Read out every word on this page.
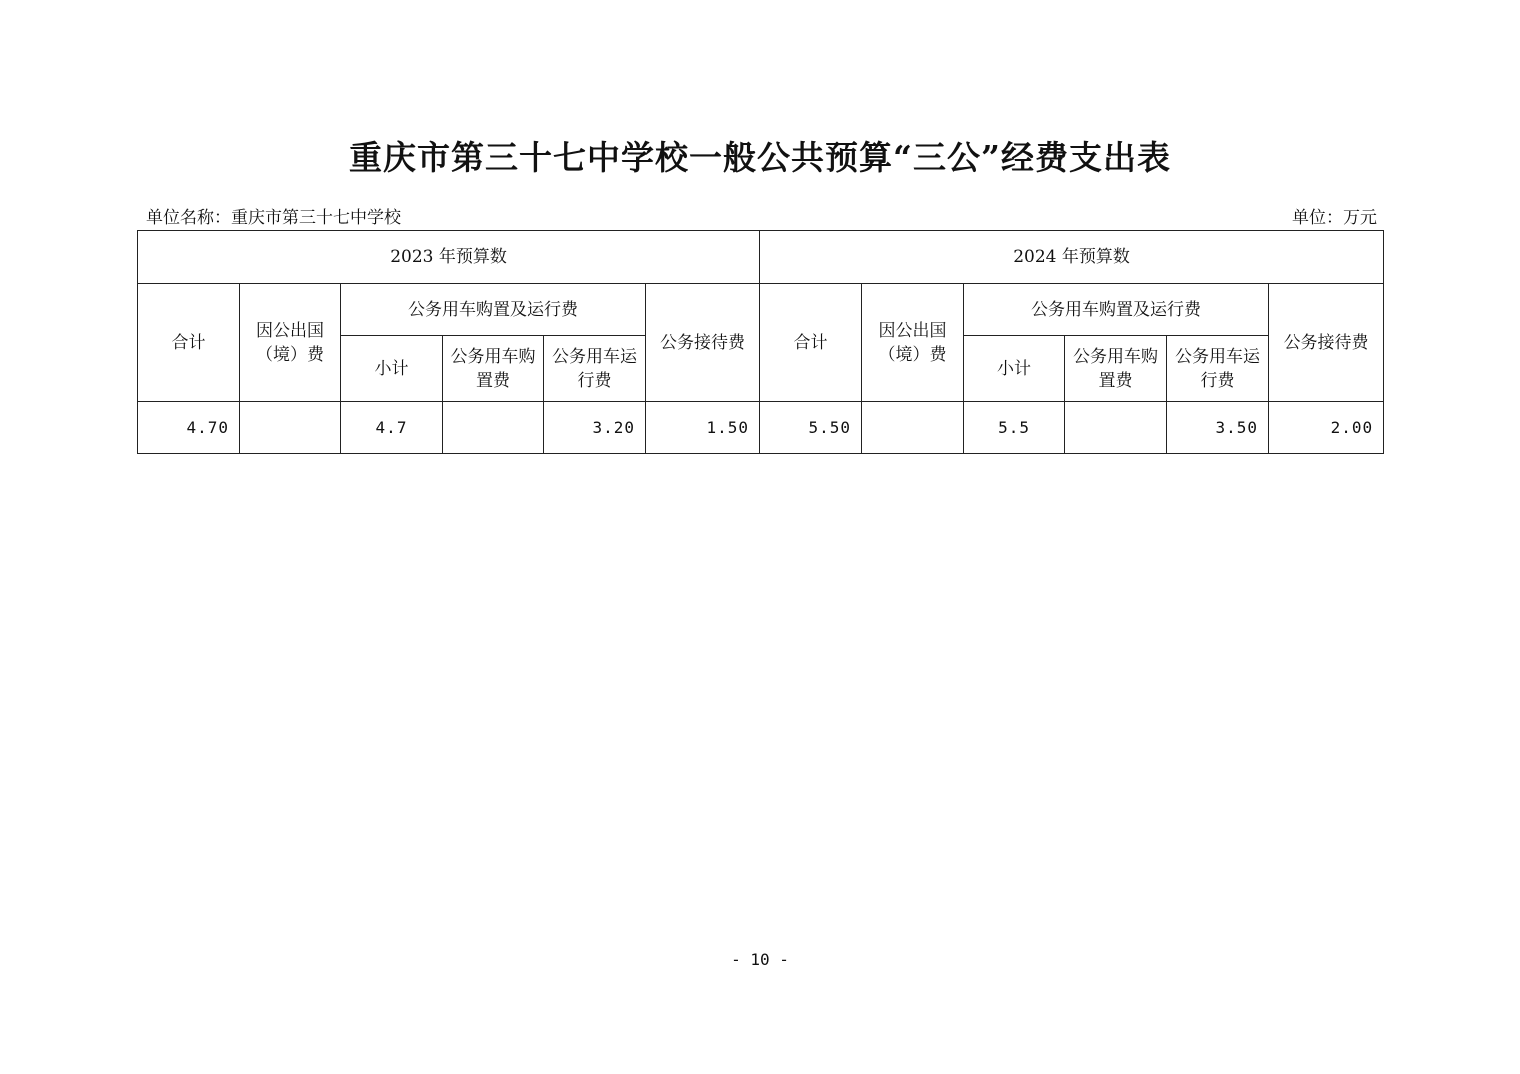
重庆市第三十七中学校一般公共预算“三公”经费支出表
单位名称：重庆市第三十七中学校	单位：万元
2023 年预算数						2024 年预算数					
合计	因公出国（境）费	公务用车购置及运行费			公务接待费	合计	因公出国（境）费	公务用车购置及运行费			公务接待费
		小计	公务用车购置费	公务用车运行费				小计	公务用车购置费	公务用车运行费	
4.70		4.7		3.20	1.50	5.50		5.5		3.50	2.00
- 10 -
